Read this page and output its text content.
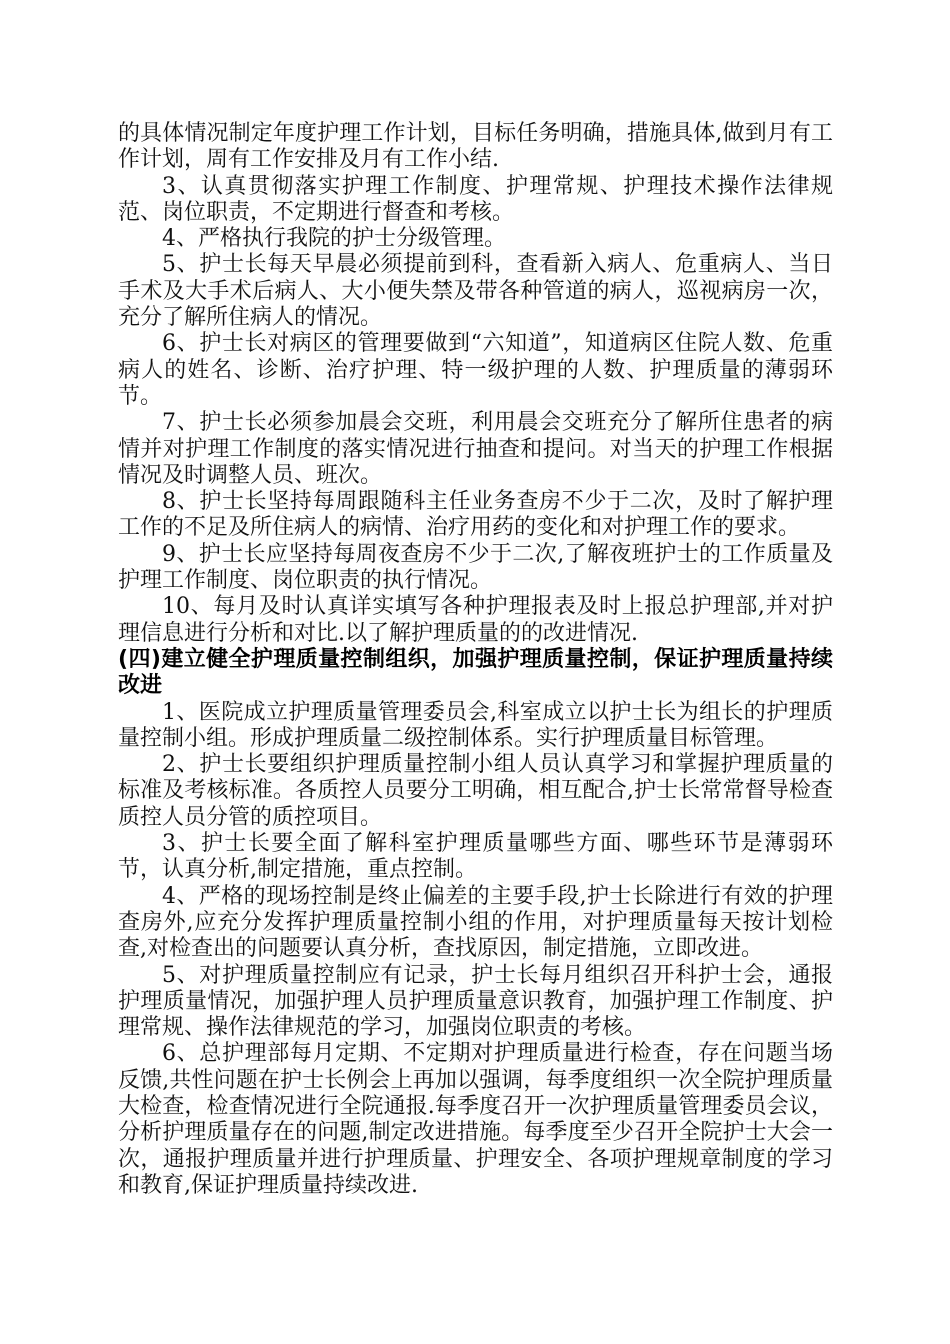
的具体情况制定年度护理工作计划，目标任务明确，措施具体,做到月有工作计划，周有工作安排及月有工作小结.

3、认真贯彻落实护理工作制度、护理常规、护理技术操作法律规范、岗位职责，不定期进行督查和考核。

4、严格执行我院的护士分级管理。

5、护士长每天早晨必须提前到科，查看新入病人、危重病人、当日手术及大手术后病人、大小便失禁及带各种管道的病人，巡视病房一次，充分了解所住病人的情况。

6、护士长对病区的管理要做到“六知道”，知道病区住院人数、危重病人的姓名、诊断、治疗护理、特一级护理的人数、护理质量的薄弱环节。

7、护士长必须参加晨会交班，利用晨会交班充分了解所住患者的病情并对护理工作制度的落实情况进行抽查和提问。对当天的护理工作根据情况及时调整人员、班次。

8、护士长坚持每周跟随科主任业务查房不少于二次，及时了解护理工作的不足及所住病人的病情、治疗用药的变化和对护理工作的要求。

9、护士长应坚持每周夜查房不少于二次,了解夜班护士的工作质量及护理工作制度、岗位职责的执行情况。

10、每月及时认真详实填写各种护理报表及时上报总护理部,并对护理信息进行分析和对比.以了解护理质量的的改进情况.

(四)建立健全护理质量控制组织，加强护理质量控制，保证护理质量持续改进

1、医院成立护理质量管理委员会,科室成立以护士长为组长的护理质量控制小组。形成护理质量二级控制体系。实行护理质量目标管理。

2、护士长要组织护理质量控制小组人员认真学习和掌握护理质量的标准及考核标准。各质控人员要分工明确，相互配合,护士长常常督导检查质控人员分管的质控项目。

3、护士长要全面了解科室护理质量哪些方面、哪些环节是薄弱环节，认真分析,制定措施，重点控制。

4、严格的现场控制是终止偏差的主要手段,护士长除进行有效的护理查房外,应充分发挥护理质量控制小组的作用，对护理质量每天按计划检查,对检查出的问题要认真分析，查找原因，制定措施，立即改进。

5、对护理质量控制应有记录，护士长每月组织召开科护士会，通报护理质量情况，加强护理人员护理质量意识教育，加强护理工作制度、护理常规、操作法律规范的学习，加强岗位职责的考核。

6、总护理部每月定期、不定期对护理质量进行检查，存在问题当场反馈,共性问题在护士长例会上再加以强调，每季度组织一次全院护理质量大检查，检查情况进行全院通报.每季度召开一次护理质量管理委员会议，分析护理质量存在的问题,制定改进措施。每季度至少召开全院护士大会一次，通报护理质量并进行护理质量、护理安全、各项护理规章制度的学习和教育,保证护理质量持续改进.
